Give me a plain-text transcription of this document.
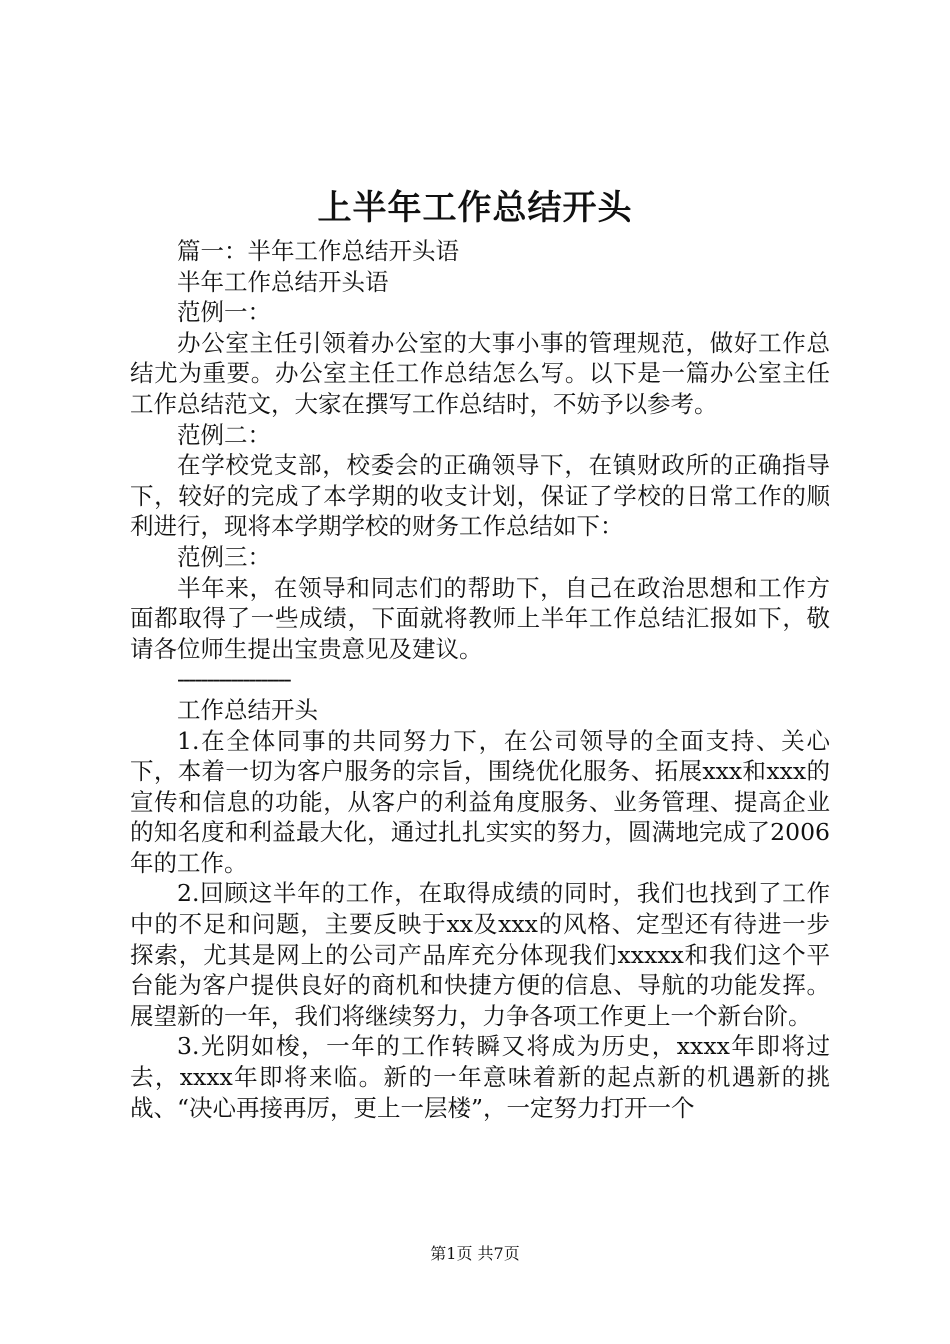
上半年工作总结开头

篇一：半年工作总结开头语

半年工作总结开头语

范例一：

办公室主任引领着办公室的大事小事的管理规范，做好工作总结尤为重要。办公室主任工作总结怎么写。以下是一篇办公室主任工作总结范文，大家在撰写工作总结时，不妨予以参考。

范例二：

在学校党支部，校委会的正确领导下，在镇财政所的正确指导下，较好的完成了本学期的收支计划，保证了学校的日常工作的顺利进行，现将本学期学校的财务工作总结如下：

范例三：

半年来，在领导和同志们的帮助下，自己在政治思想和工作方面都取得了一些成绩，下面就将教师上半年工作总结汇报如下，敬请各位师生提出宝贵意见及建议。

-------------------

工作总结开头

1.在全体同事的共同努力下，在公司领导的全面支持、关心下，本着一切为客户服务的宗旨，围绕优化服务、拓展xxx和xxx的宣传和信息的功能，从客户的利益角度服务、业务管理、提高企业的知名度和利益最大化，通过扎扎实实的努力，圆满地完成了2006年的工作。

2.回顾这半年的工作，在取得成绩的同时，我们也找到了工作中的不足和问题，主要反映于xx及xxx的风格、定型还有待进一步探索，尤其是网上的公司产品库充分体现我们xxxxx和我们这个平台能为客户提供良好的商机和快捷方便的信息、导航的功能发挥。展望新的一年，我们将继续努力，力争各项工作更上一个新台阶。

3.光阴如梭，一年的工作转瞬又将成为历史，xxxx年即将过去，xxxx年即将来临。新的一年意味着新的起点新的机遇新的挑战、“决心再接再厉，更上一层楼”，一定努力打开一个

第1页 共7页
